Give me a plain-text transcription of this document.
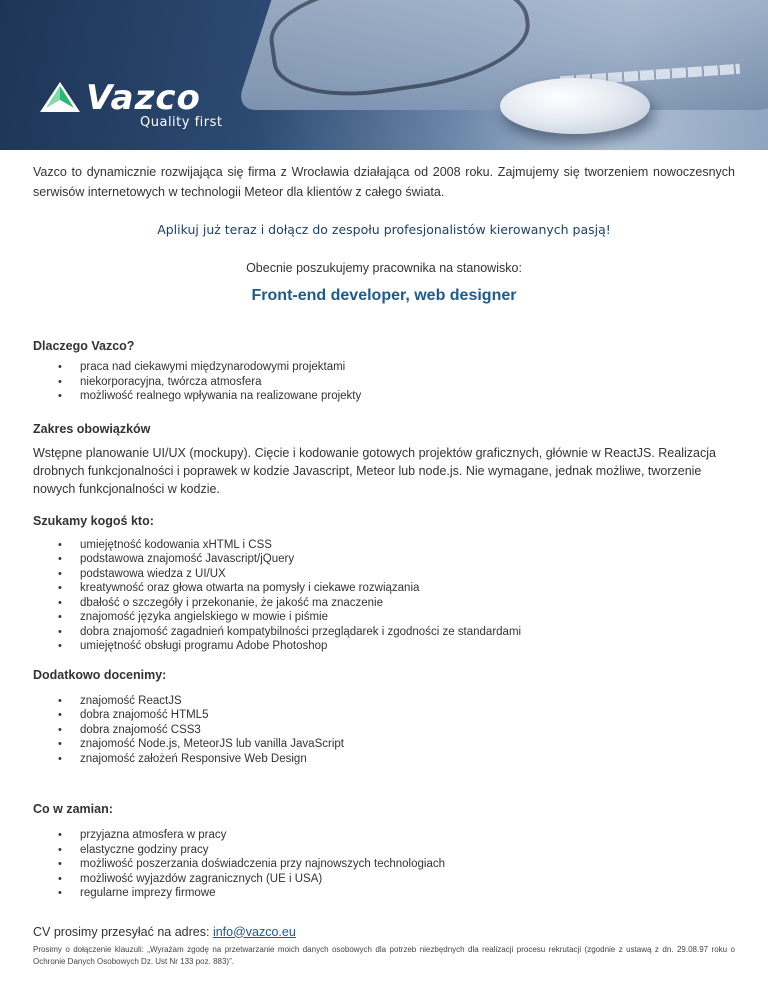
Vazco
Quality first

Vazco to dynamicznie rozwijająca się firma z Wrocławia działająca od 2008 roku. Zajmujemy się tworzeniem nowoczesnych serwisów internetowych w technologii Meteor dla klientów z całego świata.

Aplikuj już teraz i dołącz do zespołu profesjonalistów kierowanych pasją!

Obecnie poszukujemy pracownika na stanowisko:

Front-end developer, web designer

Dlaczego Vazco?
• praca nad ciekawymi międzynarodowymi projektami
• niekorporacyjna, twórcza atmosfera
• możliwość realnego wpływania na realizowane projekty
Zakres obowiązków

Wstępne planowanie UI/UX (mockupy). Cięcie i kodowanie gotowych projektów graficznych, głównie w ReactJS. Realizacja drobnych funkcjonalności i poprawek w kodzie Javascript, Meteor lub node.js. Nie wymagane, jednak możliwe, tworzenie nowych funkcjonalności w kodzie.

Szukamy kogoś kto:
• umiejętność kodowania xHTML i CSS
• podstawowa znajomość Javascript/jQuery
• podstawowa wiedza z UI/UX
• kreatywność oraz głowa otwarta na pomysły i ciekawe rozwiązania
• dbałość o szczegóły i przekonanie, że jakość ma znaczenie
• znajomość języka angielskiego w mowie i piśmie
• dobra znajomość zagadnień kompatybilności przeglądarek i zgodności ze standardami
• umiejętność obsługi programu Adobe Photoshop
Dodatkowo docenimy:
• znajomość ReactJS
• dobra znajomość HTML5
• dobra znajomość CSS3
• znajomość Node.js, MeteorJS lub vanilla JavaScript
• znajomość założeń Responsive Web Design
Co w zamian:
• przyjazna atmosfera w pracy
• elastyczne godziny pracy
• możliwość poszerzania doświadczenia przy najnowszych technologiach
• możliwość wyjazdów zagranicznych (UE i USA)
• regularne imprezy firmowe

CV prosimy przesyłać na adres: info@vazco.eu

Prosimy o dołączenie klauzuli: „Wyrażam zgodę na przetwarzanie moich danych osobowych dla potrzeb niezbędnych dla realizacji procesu rekrutacji (zgodnie z ustawą z dn. 29.08.97 roku o Ochronie Danych Osobowych Dz. Ust Nr 133 poz. 883)”.
